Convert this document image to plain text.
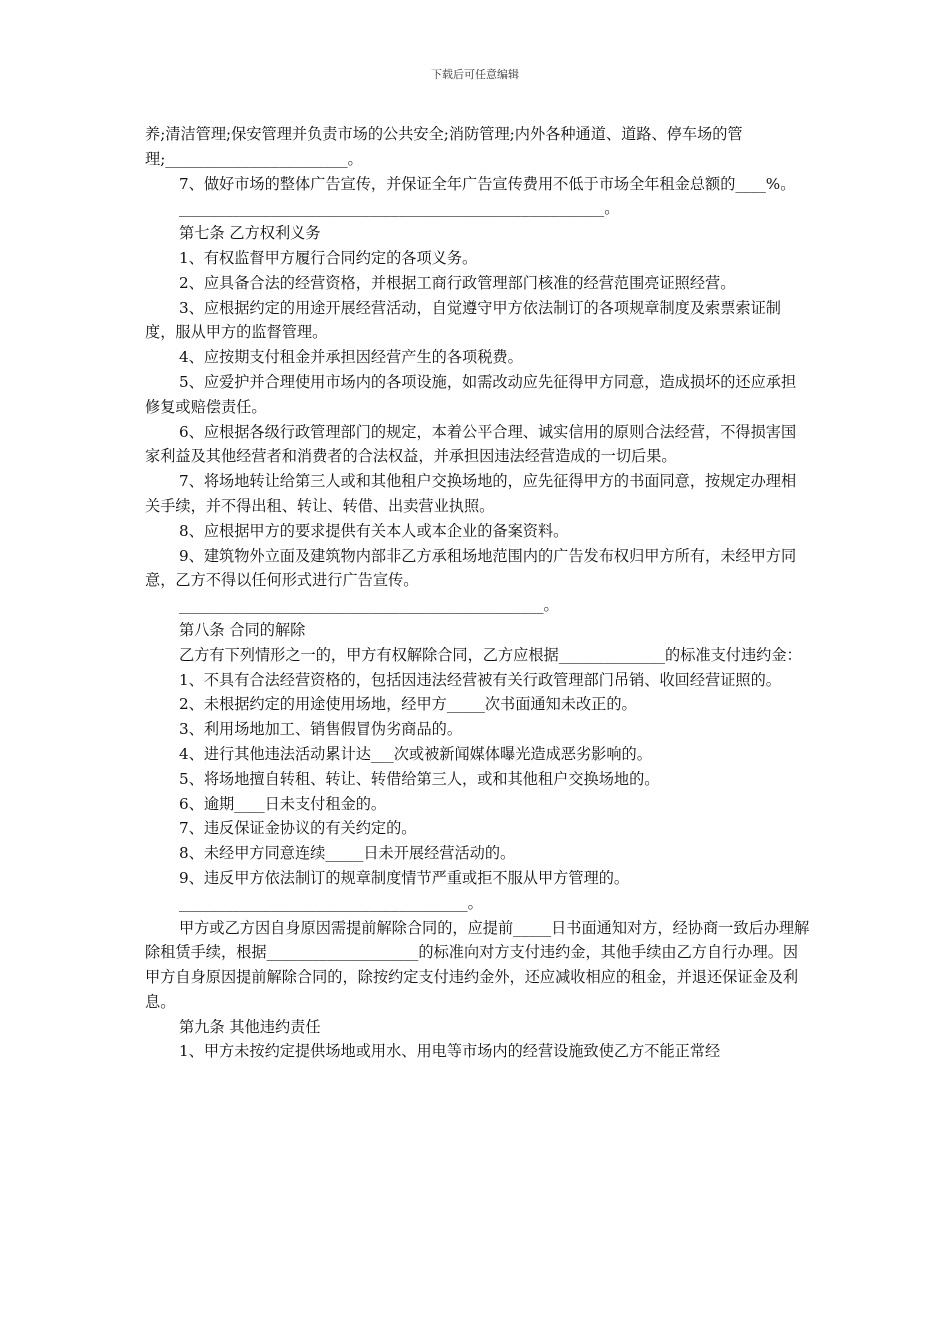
下载后可任意编辑

养;清洁管理;保安管理并负责市场的公共安全;消防管理;内外各种通道、道路、停车场的管理;________________________。

7、做好市场的整体广告宣传，并保证全年广告宣传费用不低于市场全年租金总额的____%。

________________________________________________________。

第七条 乙方权利义务

1、有权监督甲方履行合同约定的各项义务。

2、应具备合法的经营资格，并根据工商行政管理部门核准的经营范围亮证照经营。

3、应根据约定的用途开展经营活动，自觉遵守甲方依法制订的各项规章制度及索票索证制度，服从甲方的监督管理。

4、应按期支付租金并承担因经营产生的各项税费。

5、应爱护并合理使用市场内的各项设施，如需改动应先征得甲方同意，造成损坏的还应承担修复或赔偿责任。

6、应根据各级行政管理部门的规定，本着公平合理、诚实信用的原则合法经营，不得损害国家利益及其他经营者和消费者的合法权益，并承担因违法经营造成的一切后果。

7、将场地转让给第三人或和其他租户交换场地的，应先征得甲方的书面同意，按规定办理相关手续，并不得出租、转让、转借、出卖营业执照。

8、应根据甲方的要求提供有关本人或本企业的备案资料。

9、建筑物外立面及建筑物内部非乙方承租场地范围内的广告发布权归甲方所有，未经甲方同意，乙方不得以任何形式进行广告宣传。

________________________________________________。

第八条 合同的解除

乙方有下列情形之一的，甲方有权解除合同，乙方应根据______________的标准支付违约金：

1、不具有合法经营资格的，包括因违法经营被有关行政管理部门吊销、收回经营证照的。

2、未根据约定的用途使用场地，经甲方_____次书面通知未改正的。

3、利用场地加工、销售假冒伪劣商品的。

4、进行其他违法活动累计达___次或被新闻媒体曝光造成恶劣影响的。

5、将场地擅自转租、转让、转借给第三人，或和其他租户交换场地的。

6、逾期____日未支付租金的。

7、违反保证金协议的有关约定的。

8、未经甲方同意连续_____日未开展经营活动的。

9、违反甲方依法制订的规章制度情节严重或拒不服从甲方管理的。

______________________________________。

甲方或乙方因自身原因需提前解除合同的，应提前_____日书面通知对方，经协商一致后办理解除租赁手续，根据____________________的标准向对方支付违约金，其他手续由乙方自行办理。因甲方自身原因提前解除合同的，除按约定支付违约金外，还应减收相应的租金，并退还保证金及利息。

第九条 其他违约责任

1、甲方未按约定提供场地或用水、用电等市场内的经营设施致使乙方不能正常经
